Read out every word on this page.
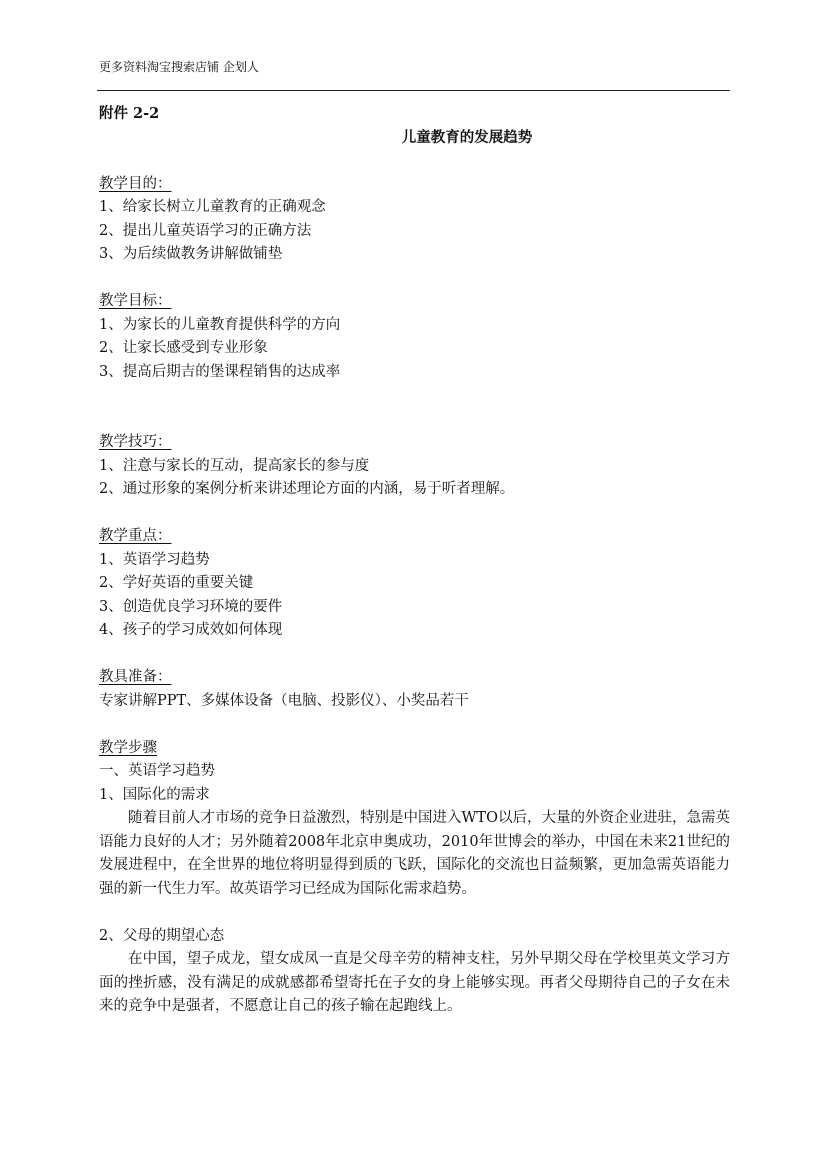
更多资料淘宝搜索店铺 企划人

附件 2-2

儿童教育的发展趋势

教学目的：

1、给家长树立儿童教育的正确观念

2、提出儿童英语学习的正确方法

3、为后续做教务讲解做铺垫

教学目标：

1、为家长的儿童教育提供科学的方向

2、让家长感受到专业形象

3、提高后期吉的堡课程销售的达成率

教学技巧：

1、注意与家长的互动，提高家长的参与度

2、通过形象的案例分析来讲述理论方面的内涵，易于听者理解。

教学重点：

1、英语学习趋势

2、学好英语的重要关键

3、创造优良学习环境的要件

4、孩子的学习成效如何体现

教具准备：

专家讲解PPT、多媒体设备（电脑、投影仪）、小奖品若干

教学步骤

一、英语学习趋势

1、国际化的需求

随着目前人才市场的竞争日益激烈，特别是中国进入WTO以后，大量的外资企业进驻，急需英语能力良好的人才；另外随着2008年北京申奥成功，2010年世博会的举办，中国在未来21世纪的发展进程中，在全世界的地位将明显得到质的飞跃，国际化的交流也日益频繁，更加急需英语能力强的新一代生力军。故英语学习已经成为国际化需求趋势。

2、父母的期望心态

在中国，望子成龙，望女成凤一直是父母辛劳的精神支柱，另外早期父母在学校里英文学习方面的挫折感，没有满足的成就感都希望寄托在子女的身上能够实现。再者父母期待自己的子女在未来的竞争中是强者，不愿意让自己的孩子输在起跑线上。
